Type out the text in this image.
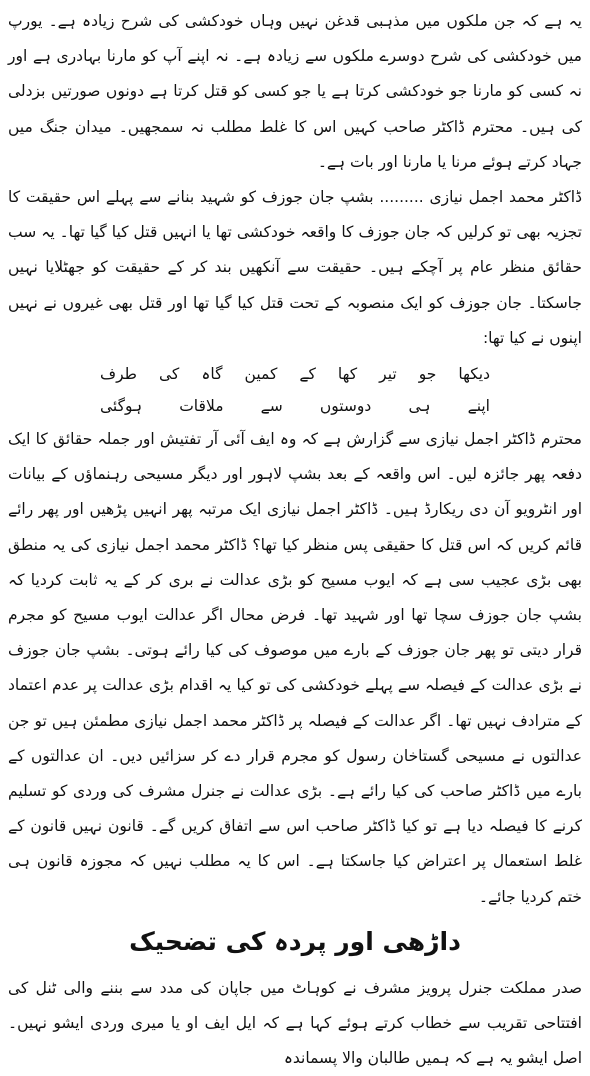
یہ ہے کہ جن ملکوں میں مذہبی قدغن نہیں وہاں خودکشی کی شرح زیادہ ہے۔ یورپ میں خودکشی کی شرح دوسرے ملکوں سے زیادہ ہے۔ نہ اپنے آپ کو مارنا بہادری ہے اور نہ کسی کو مارنا جو خودکشی کرتا ہے یا جو کسی کو قتل کرتا ہے دونوں صورتیں بزدلی کی ہیں۔ محترم ڈاکٹر صاحب کہیں اس کا غلط مطلب نہ سمجھیں۔ میدان جنگ میں جہاد کرتے ہوئے مرنا یا مارنا اور بات ہے۔

ڈاکٹر محمد اجمل نیازی ......... بشپ جان جوزف کو شہید بنانے سے پہلے اس حقیقت کا تجزیہ بھی تو کرلیں کہ جان جوزف کا واقعہ خودکشی تھا یا انہیں قتل کیا گیا تھا۔ یہ سب حقائق منظر عام پر آچکے ہیں۔ حقیقت سے آنکھیں بند کر کے حقیقت کو جھٹلایا نہیں جاسکتا۔ جان جوزف کو ایک منصوبہ کے تحت قتل کیا گیا تھا اور قتل بھی غیروں نے نہیں اپنوں نے کیا تھا:

دیکھا جو تیر کھا کے کمین گاہ کی طرف
اپنے ہی دوستوں سے ملاقات ہوگئی

محترم ڈاکٹر اجمل نیازی سے گزارش ہے کہ وہ ایف آئی آر تفتیش اور جملہ حقائق کا ایک دفعہ پھر جائزہ لیں۔ اس واقعہ کے بعد بشپ لاہور اور دیگر مسیحی رہنماؤں کے بیانات اور انٹرویو آن دی ریکارڈ ہیں۔ ڈاکٹر اجمل نیازی ایک مرتبہ پھر انہیں پڑھیں اور پھر رائے قائم کریں کہ اس قتل کا حقیقی پس منظر کیا تھا؟ ڈاکٹر محمد اجمل نیازی کی یہ منطق بھی بڑی عجیب سی ہے کہ ایوب مسیح کو بڑی عدالت نے بری کر کے یہ ثابت کردیا کہ بشپ جان جوزف سچا تھا اور شہید تھا۔ فرض محال اگر عدالت ایوب مسیح کو مجرم قرار دیتی تو پھر جان جوزف کے بارے میں موصوف کی کیا رائے ہوتی۔ بشپ جان جوزف نے بڑی عدالت کے فیصلہ سے پہلے خودکشی کی تو کیا یہ اقدام بڑی عدالت پر عدم اعتماد کے مترادف نہیں تھا۔ اگر عدالت کے فیصلہ پر ڈاکٹر محمد اجمل نیازی مطمئن ہیں تو جن عدالتوں نے مسیحی گستاخان رسول کو مجرم قرار دے کر سزائیں دیں۔ ان عدالتوں کے بارے میں ڈاکٹر صاحب کی کیا رائے ہے۔ بڑی عدالت نے جنرل مشرف کی وردی کو تسلیم کرنے کا فیصلہ دیا ہے تو کیا ڈاکٹر صاحب اس سے اتفاق کریں گے۔ قانون نہیں قانون کے غلط استعمال پر اعتراض کیا جاسکتا ہے۔ اس کا یہ مطلب نہیں کہ مجوزہ قانون ہی ختم کردیا جائے۔

داڑھی اور پردہ کی تضحیک

صدر مملکت جنرل پرویز مشرف نے کوہاٹ میں جاپان کی مدد سے بننے والی ٹنل کی افتتاحی تقریب سے خطاب کرتے ہوئے کہا ہے کہ ایل ایف او یا میری وردی ایشو نہیں۔ اصل ایشو یہ ہے کہ ہمیں طالبان والا پسماندہ
